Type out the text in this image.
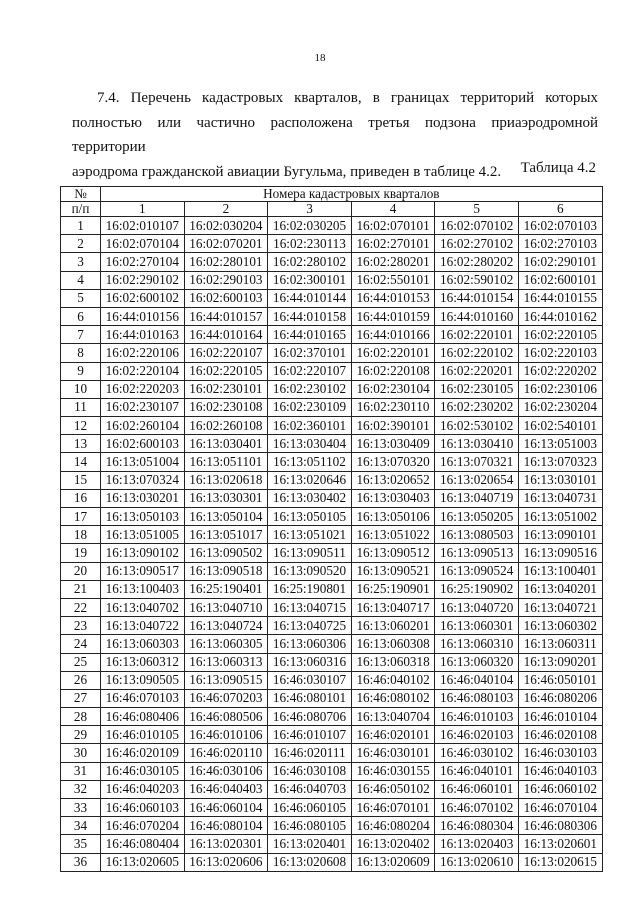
18

7.4. Перечень кадастровых кварталов, в границах территорий которых
полностью или частично расположена третья подзона приаэродромной территории
аэродрома гражданской авиации Бугульма, приведен в таблице 4.2.	Таблица 4.2
№	Номера кадастровых кварталов					
п/п	1	2	3	4	5	6
1	16:02:010107	16:02:030204	16:02:030205	16:02:070101	16:02:070102	16:02:070103
2	16:02:070104	16:02:070201	16:02:230113	16:02:270101	16:02:270102	16:02:270103
3	16:02:270104	16:02:280101	16:02:280102	16:02:280201	16:02:280202	16:02:290101
4	16:02:290102	16:02:290103	16:02:300101	16:02:550101	16:02:590102	16:02:600101
5	16:02:600102	16:02:600103	16:44:010144	16:44:010153	16:44:010154	16:44:010155
6	16:44:010156	16:44:010157	16:44:010158	16:44:010159	16:44:010160	16:44:010162
7	16:44:010163	16:44:010164	16:44:010165	16:44:010166	16:02:220101	16:02:220105
8	16:02:220106	16:02:220107	16:02:370101	16:02:220101	16:02:220102	16:02:220103
9	16:02:220104	16:02:220105	16:02:220107	16:02:220108	16:02:220201	16:02:220202
10	16:02:220203	16:02:230101	16:02:230102	16:02:230104	16:02:230105	16:02:230106
11	16:02:230107	16:02:230108	16:02:230109	16:02:230110	16:02:230202	16:02:230204
12	16:02:260104	16:02:260108	16:02:360101	16:02:390101	16:02:530102	16:02:540101
13	16:02:600103	16:13:030401	16:13:030404	16:13:030409	16:13:030410	16:13:051003
14	16:13:051004	16:13:051101	16:13:051102	16:13:070320	16:13:070321	16:13:070323
15	16:13:070324	16:13:020618	16:13:020646	16:13:020652	16:13:020654	16:13:030101
16	16:13:030201	16:13:030301	16:13:030402	16:13:030403	16:13:040719	16:13:040731
17	16:13:050103	16:13:050104	16:13:050105	16:13:050106	16:13:050205	16:13:051002
18	16:13:051005	16:13:051017	16:13:051021	16:13:051022	16:13:080503	16:13:090101
19	16:13:090102	16:13:090502	16:13:090511	16:13:090512	16:13:090513	16:13:090516
20	16:13:090517	16:13:090518	16:13:090520	16:13:090521	16:13:090524	16:13:100401
21	16:13:100403	16:25:190401	16:25:190801	16:25:190901	16:25:190902	16:13:040201
22	16:13:040702	16:13:040710	16:13:040715	16:13:040717	16:13:040720	16:13:040721
23	16:13:040722	16:13:040724	16:13:040725	16:13:060201	16:13:060301	16:13:060302
24	16:13:060303	16:13:060305	16:13:060306	16:13:060308	16:13:060310	16:13:060311
25	16:13:060312	16:13:060313	16:13:060316	16:13:060318	16:13:060320	16:13:090201
26	16:13:090505	16:13:090515	16:46:030107	16:46:040102	16:46:040104	16:46:050101
27	16:46:070103	16:46:070203	16:46:080101	16:46:080102	16:46:080103	16:46:080206
28	16:46:080406	16:46:080506	16:46:080706	16:13:040704	16:46:010103	16:46:010104
29	16:46:010105	16:46:010106	16:46:010107	16:46:020101	16:46:020103	16:46:020108
30	16:46:020109	16:46:020110	16:46:020111	16:46:030101	16:46:030102	16:46:030103
31	16:46:030105	16:46:030106	16:46:030108	16:46:030155	16:46:040101	16:46:040103
32	16:46:040203	16:46:040403	16:46:040703	16:46:050102	16:46:060101	16:46:060102
33	16:46:060103	16:46:060104	16:46:060105	16:46:070101	16:46:070102	16:46:070104
34	16:46:070204	16:46:080104	16:46:080105	16:46:080204	16:46:080304	16:46:080306
35	16:46:080404	16:13:020301	16:13:020401	16:13:020402	16:13:020403	16:13:020601
36	16:13:020605	16:13:020606	16:13:020608	16:13:020609	16:13:020610	16:13:020615
